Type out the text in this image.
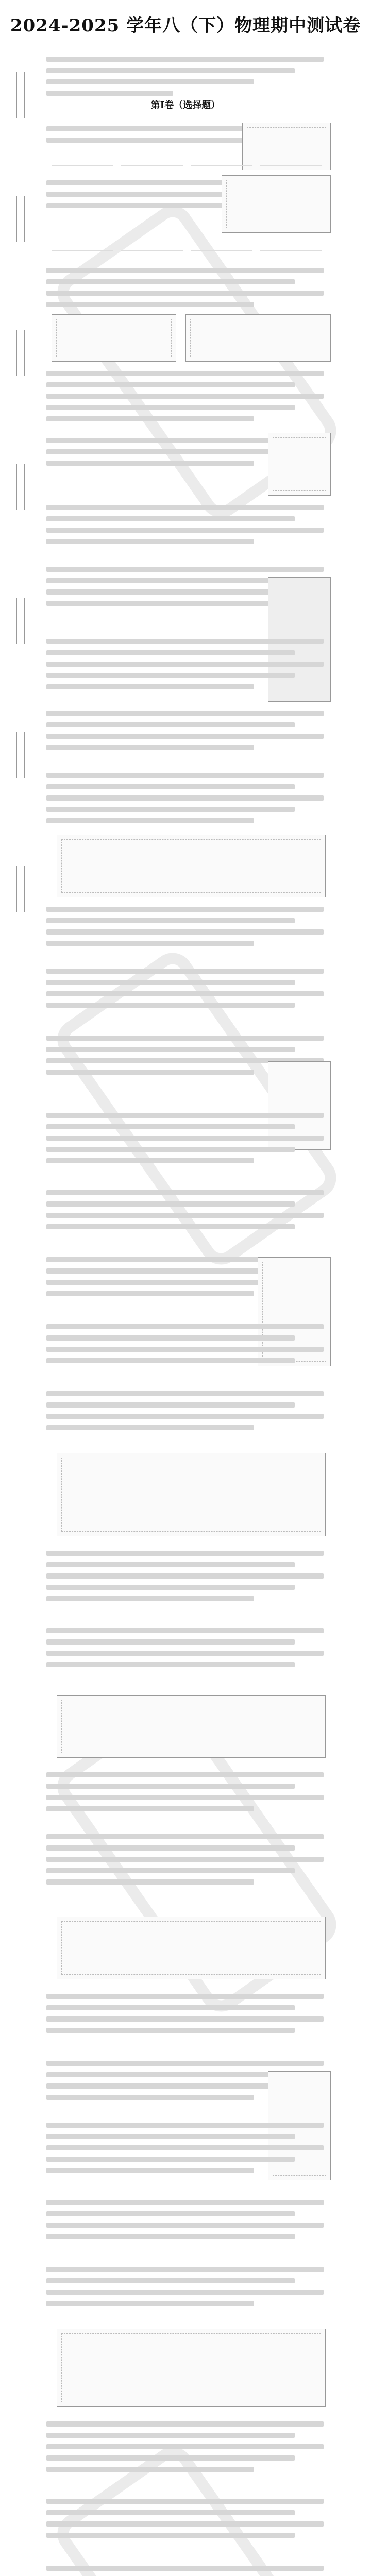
2024-2025 学年八（下）物理期中测试卷
第Ⅰ卷（选择题）
